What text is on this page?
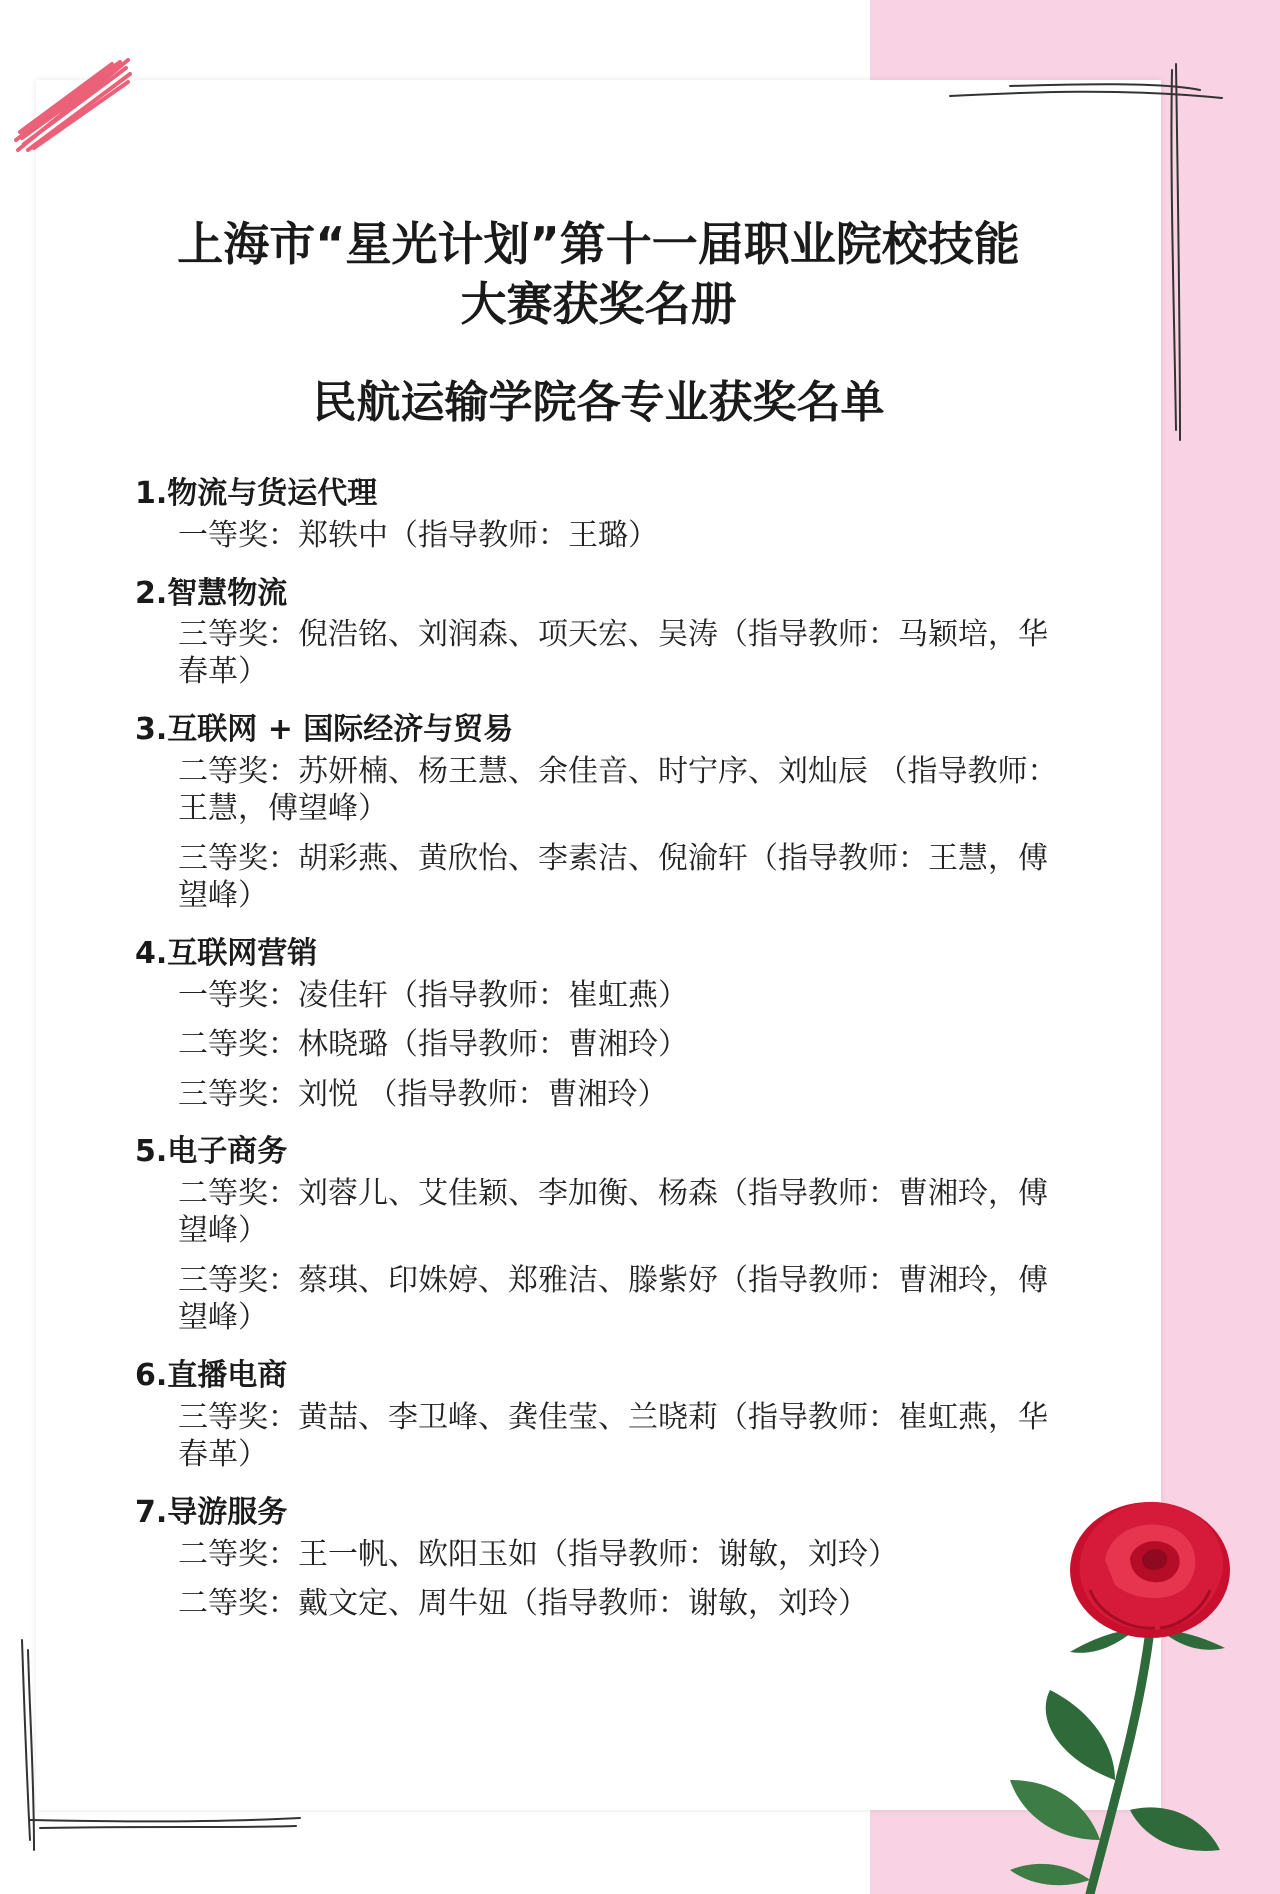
上海市“星光计划”第十一届职业院校技能
大赛获奖名册
民航运输学院各专业获奖名单
1.物流与货运代理
一等奖：郑轶中（指导教师：王璐）
2.智慧物流
三等奖：倪浩铭、刘润森、项天宏、吴涛（指导教师：马颖培，华春革）
3.互联网 + 国际经济与贸易
二等奖：苏妍楠、杨王慧、余佳音、时宁序、刘灿辰 （指导教师：王慧，傅望峰）
三等奖：胡彩燕、黄欣怡、李素洁、倪渝轩（指导教师：王慧，傅望峰）
4.互联网营销
一等奖：凌佳轩（指导教师：崔虹燕）
二等奖：林晓璐（指导教师：曹湘玲）
三等奖：刘悦 （指导教师：曹湘玲）
5.电子商务
二等奖：刘蓉儿、艾佳颖、李加衡、杨森（指导教师：曹湘玲，傅望峰）
三等奖：蔡琪、印姝婷、郑雅洁、滕紫妤（指导教师：曹湘玲，傅望峰）
6.直播电商
三等奖：黄喆、李卫峰、龚佳莹、兰晓莉（指导教师：崔虹燕，华春革）
7.导游服务
二等奖：王一帆、欧阳玉如（指导教师：谢敏，刘玲）
二等奖：戴文定、周牛妞（指导教师：谢敏，刘玲）
